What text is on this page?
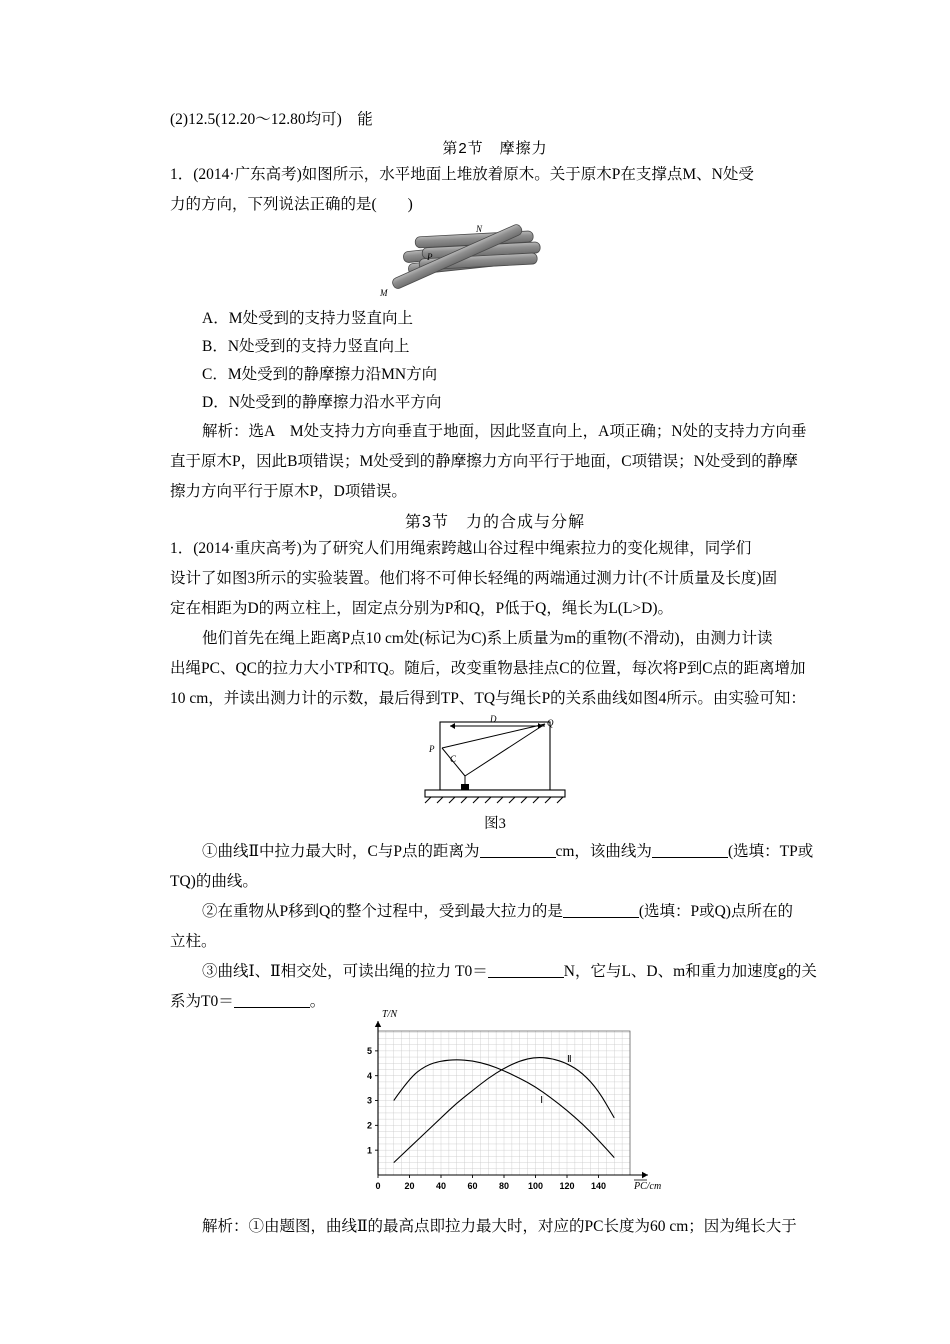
(2)12.5(12.20～12.80均可)　能
第2节　摩擦力
1．(2014·广东高考)如图所示，水平地面上堆放着原木。关于原木P在支撑点M、N处受
力的方向，下列说法正确的是(　　)
P
N
M
A．M处受到的支持力竖直向上
B．N处受到的支持力竖直向上
C．M处受到的静摩擦力沿MN方向
D．N处受到的静摩擦力沿水平方向
解析：选A　M处支持力方向垂直于地面，因此竖直向上，A项正确；N处的支持力方向垂
直于原木P，因此B项错误；M处受到的静摩擦力方向平行于地面，C项错误；N处受到的静摩
擦力方向平行于原木P，D项错误。
第3节　力的合成与分解
1．(2014·重庆高考)为了研究人们用绳索跨越山谷过程中绳索拉力的变化规律，同学们
设计了如图3所示的实验装置。他们将不可伸长轻绳的两端通过测力计(不计质量及长度)固
定在相距为D的两立柱上，固定点分别为P和Q，P低于Q，绳长为L(L>D)。
他们首先在绳上距离P点10 cm处(标记为C)系上质量为m的重物(不滑动)，由测力计读
出绳PC、QC的拉力大小TP和TQ。随后，改变重物悬挂点C的位置，每次将P到C点的距离增加
10 cm，并读出测力计的示数，最后得到TP、TQ与绳长P的关系曲线如图4所示。由实验可知：
D
P
Q
C
图3
①曲线Ⅱ中拉力最大时，C与P点的距离为	cm，该曲线为	(选填：TP或
TQ)的曲线。
②在重物从P移到Q的整个过程中，受到最大拉力的是	(选填：P或Q)点所在的
立柱。
③曲线Ⅰ、Ⅱ相交处，可读出绳的拉力 T0＝	N，它与L、D、m和重力加速度g的关
系为T0＝	。
0	20 40 60 80 100 120 140
1
2
3
4
5
T/N
PC/cm
Ⅱ
Ⅰ
解析：①由题图，曲线Ⅱ的最高点即拉力最大时，对应的PC长度为60 cm；因为绳长大于
